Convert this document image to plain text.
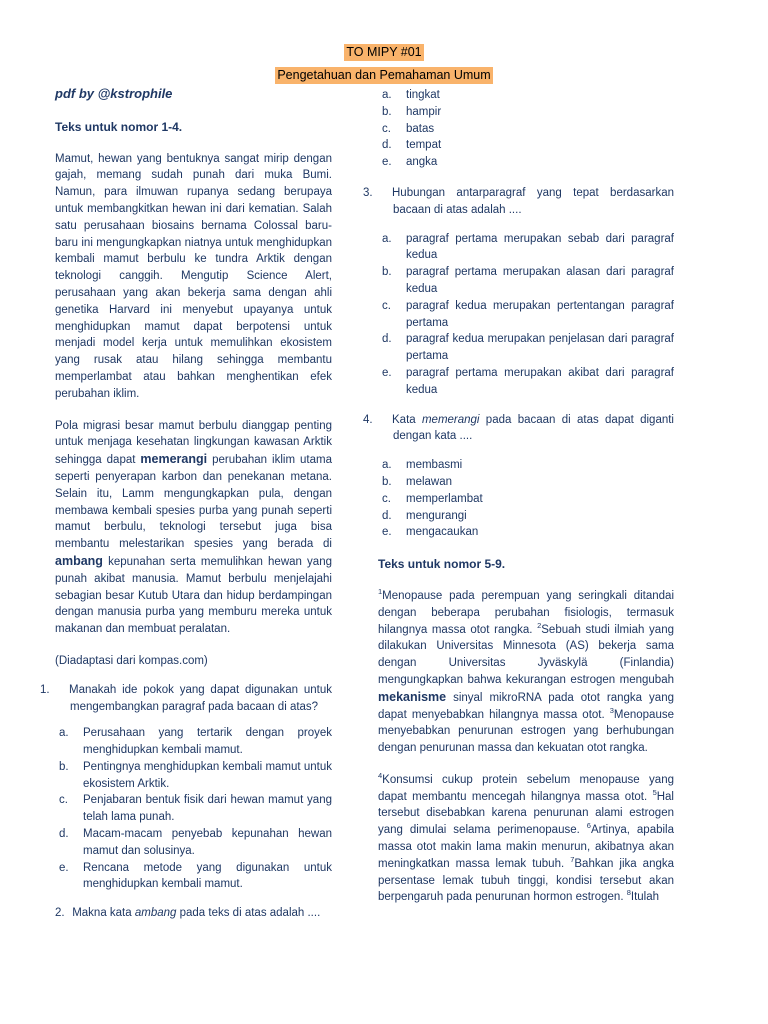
TO MIPY #01
Pengetahuan dan Pemahaman Umum
pdf by @kstrophile
Teks untuk nomor 1-4.

Mamut, hewan yang bentuknya sangat mirip dengan gajah, memang sudah punah dari muka Bumi. Namun, para ilmuwan rupanya sedang berupaya untuk membangkitkan hewan ini dari kematian. Salah satu perusahaan biosains bernama Colossal baru-baru ini mengungkapkan niatnya untuk menghidupkan kembali mamut berbulu ke tundra Arktik dengan teknologi canggih. Mengutip Science Alert, perusahaan yang akan bekerja sama dengan ahli genetika Harvard ini menyebut upayanya untuk menghidupkan mamut dapat berpotensi untuk menjadi model kerja untuk memulihkan ekosistem yang rusak atau hilang sehingga membantu memperlambat atau bahkan menghentikan efek perubahan iklim.

Pola migrasi besar mamut berbulu dianggap penting untuk menjaga kesehatan lingkungan kawasan Arktik sehingga dapat memerangi perubahan iklim utama seperti penyerapan karbon dan penekanan metana. Selain itu, Lamm mengungkapkan pula, dengan membawa kembali spesies purba yang punah seperti mamut berbulu, teknologi tersebut juga bisa membantu melestarikan spesies yang berada di ambang kepunahan serta memulihkan hewan yang punah akibat manusia. Mamut berbulu menjelajahi sebagian besar Kutub Utara dan hidup berdampingan dengan manusia purba yang memburu mereka untuk makanan dan membuat peralatan.

(Diadaptasi dari kompas.com)

1. Manakah ide pokok yang dapat digunakan untuk mengembangkan paragraf pada bacaan di atas?
a.	Perusahaan yang tertarik dengan proyek menghidupkan kembali mamut.
b.	Pentingnya menghidupkan kembali mamut untuk ekosistem Arktik.
c.	Penjabaran bentuk fisik dari hewan mamut yang telah lama punah.
d.	Macam-macam penyebab kepunahan hewan mamut dan solusinya.
e.	Rencana metode yang digunakan untuk menghidupkan kembali mamut.
2. Makna kata ambang pada teks di atas adalah ....
a.	tingkat
b.	hampir
c.	batas
d.	tempat
e.	angka
3. Hubungan antarparagraf yang tepat berdasarkan bacaan di atas adalah ....
a.	paragraf pertama merupakan sebab dari paragraf kedua
b.	paragraf pertama merupakan alasan dari paragraf kedua
c.	paragraf kedua merupakan pertentangan paragraf pertama
d.	paragraf kedua merupakan penjelasan dari paragraf pertama
e.	paragraf pertama merupakan akibat dari paragraf kedua
4. Kata memerangi pada bacaan di atas dapat diganti dengan kata ....
a.	membasmi
b.	melawan
c.	memperlambat
d.	mengurangi
e.	mengacaukan
Teks untuk nomor 5-9.

$^1$Menopause pada perempuan yang seringkali ditandai dengan beberapa perubahan fisiologis, termasuk hilangnya massa otot rangka. $^2$Sebuah studi ilmiah yang dilakukan Universitas Minnesota (AS) bekerja sama dengan Universitas Jyväskylä (Finlandia) mengungkapkan bahwa kekurangan estrogen mengubah mekanisme sinyal mikroRNA pada otot rangka yang dapat menyebabkan hilangnya massa otot. $^3$Menopause menyebabkan penurunan estrogen yang berhubungan dengan penurunan massa dan kekuatan otot rangka.

$^4$Konsumsi cukup protein sebelum menopause yang dapat membantu mencegah hilangnya massa otot. $^5$Hal tersebut disebabkan karena penurunan alami estrogen yang dimulai selama perimenopause. $^6$Artinya, apabila massa otot makin lama makin menurun, akibatnya akan meningkatkan massa lemak tubuh. $^7$Bahkan jika angka persentase lemak tubuh tinggi, kondisi tersebut akan berpengaruh pada penurunan hormon estrogen. $^8$Itulah
